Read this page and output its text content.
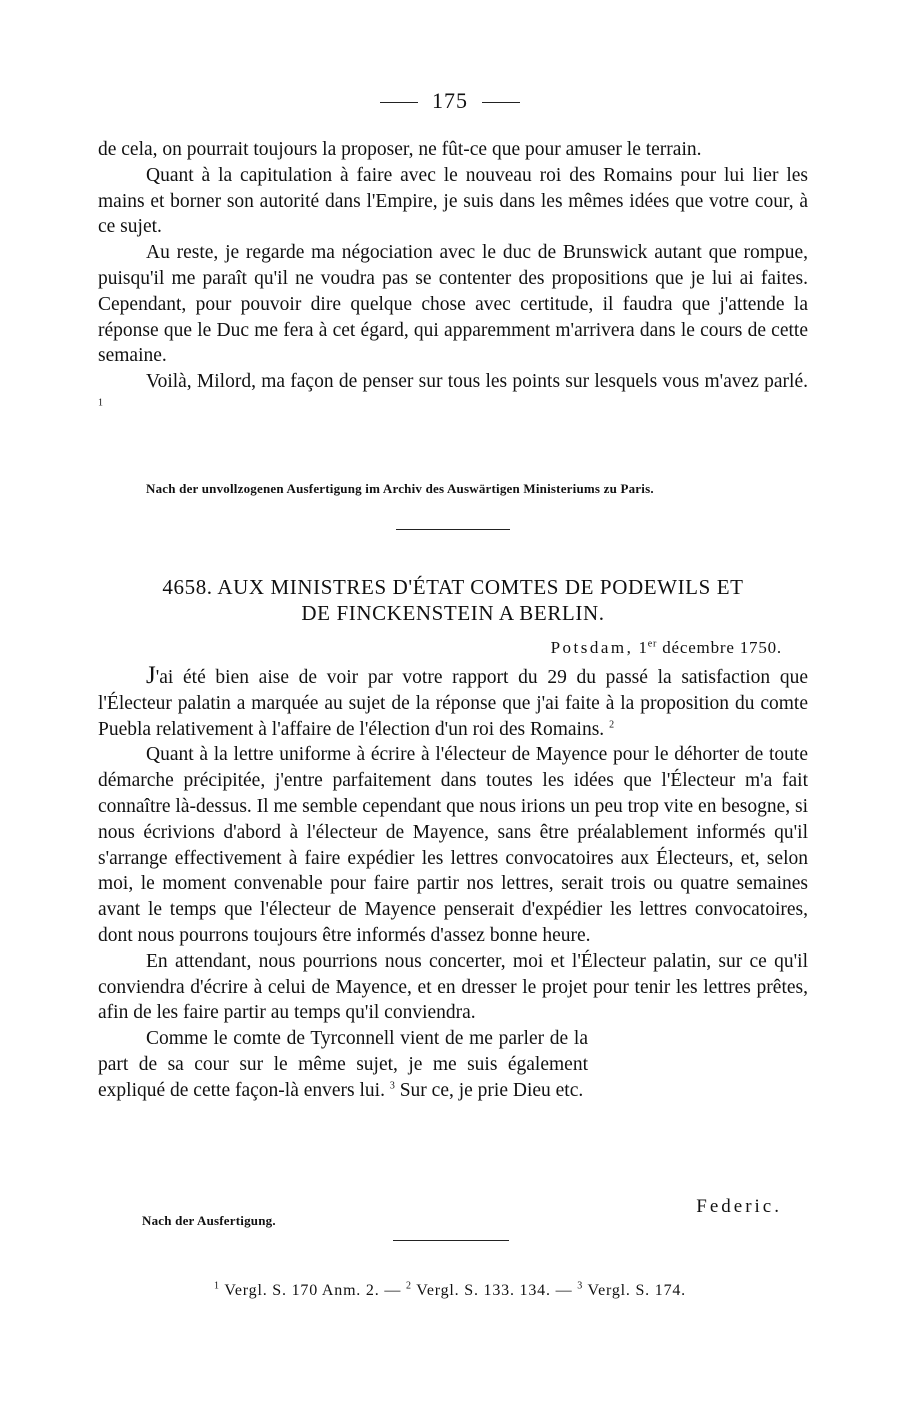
175

de cela, on pourrait toujours la proposer, ne fût-ce que pour amuser le terrain.

Quant à la capitulation à faire avec le nouveau roi des Romains pour lui lier les mains et borner son autorité dans l'Empire, je suis dans les mêmes idées que votre cour, à ce sujet.

Au reste, je regarde ma négociation avec le duc de Brunswick autant que rompue, puisqu'il me paraît qu'il ne voudra pas se contenter des propositions que je lui ai faites. Cependant, pour pouvoir dire quelque chose avec certitude, il faudra que j'attende la réponse que le Duc me fera à cet égard, qui apparemment m'arrivera dans le cours de cette semaine.

Voilà, Milord, ma façon de penser sur tous les points sur lesquels vous m'avez parlé. $^1$

Nach der unvollzogenen Ausfertigung im Archiv des Auswärtigen Ministeriums zu Paris.
4658. AUX MINISTRES D'ÉTAT COMTES DE PODEWILS ET
DE FINCKENSTEIN A BERLIN.
Potsdam, 1er décembre 1750.

J'ai été bien aise de voir par votre rapport du 29 du passé la satisfaction que l'Électeur palatin a marquée au sujet de la réponse que j'ai faite à la proposition du comte Puebla relativement à l'affaire de l'élection d'un roi des Romains. $^2$

Quant à la lettre uniforme à écrire à l'électeur de Mayence pour le déhorter de toute démarche précipitée, j'entre parfaitement dans toutes les idées que l'Électeur m'a fait connaître là-dessus. Il me semble cependant que nous irions un peu trop vite en besogne, si nous écrivions d'abord à l'électeur de Mayence, sans être préalablement informés qu'il s'arrange effectivement à faire expédier les lettres convocatoires aux Électeurs, et, selon moi, le moment convenable pour faire partir nos lettres, serait trois ou quatre semaines avant le temps que l'électeur de Mayence penserait d'expédier les lettres convocatoires, dont nous pourrons toujours être informés d'assez bonne heure.

En attendant, nous pourrions nous concerter, moi et l'Électeur palatin, sur ce qu'il conviendra d'écrire à celui de Mayence, et en dresser le projet pour tenir les lettres prêtes, afin de les faire partir au temps qu'il conviendra.

Comme le comte de Tyrconnell vient de me parler de la part de sa cour sur le même sujet, je me suis également expliqué de cette façon-là envers lui. $^3$ Sur ce, je prie Dieu etc.

Federic.
Nach der Ausfertigung.
$^1$ Vergl. S. 170 Anm. 2. — $^2$ Vergl. S. 133. 134. — $^3$ Vergl. S. 174.
